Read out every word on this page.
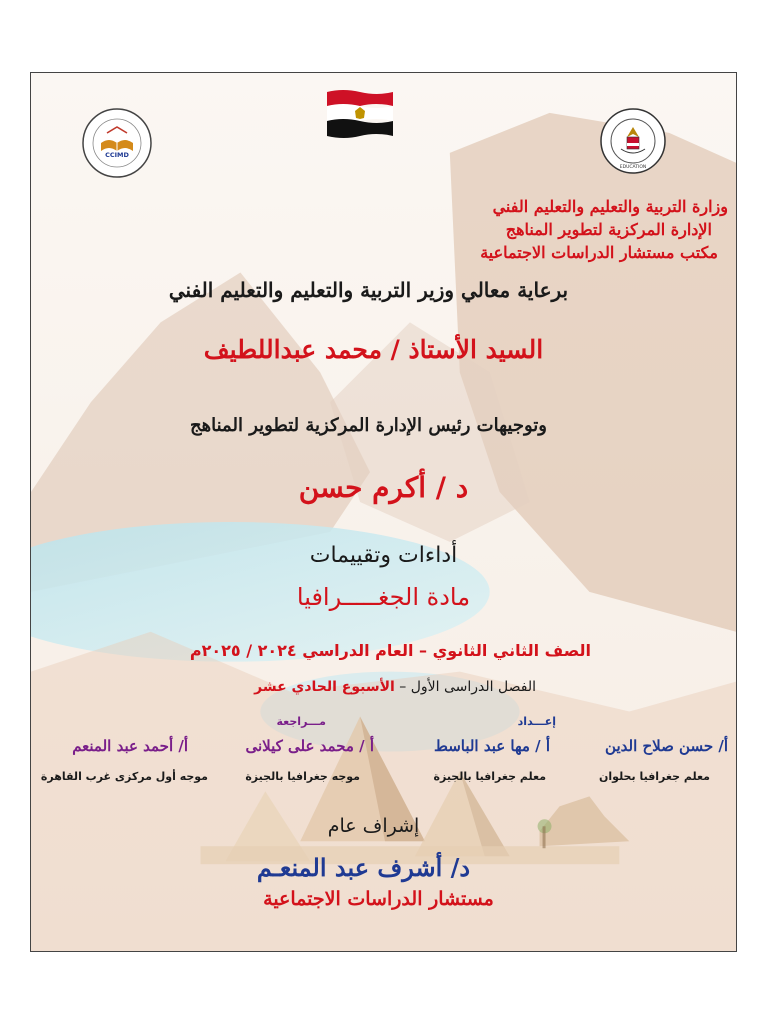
EDUCATION
CCIMD
وزارة التربية والتعليم والتعليم الفني
الإدارة المركزية لتطوير المناهج
مكتب مستشار الدراسات الاجتماعية
برعاية معالي وزير التربية والتعليم والتعليم الفني
السيد الأستاذ / محمد عبداللطيف
وتوجيهات رئيس الإدارة المركزية لتطوير المناهج
د / أكرم حسن
أداءات وتقييمات
مادة الجغـــــرافيا
الصف الثاني الثانوي – العام الدراسي ٢٠٢٤ / ٢٠٢٥م
الفصل الدراسى الأول – الأسبوع الحادي عشر
إعـــداد
مـــراجعة
أ/ حسن صلاح الدين
معلم جغرافيا بحلوان
أ / مها عبد الباسط
معلم جغرافيا بالجيزة
أ / محمد على كيلانى
موجه جغرافيا بالجيزة
أ/ أحمد عبد المنعم
موجه أول مركزى غرب القاهرة
إشراف عام
د/ أشرف عبد المنعـم
مستشار الدراسات الاجتماعية
